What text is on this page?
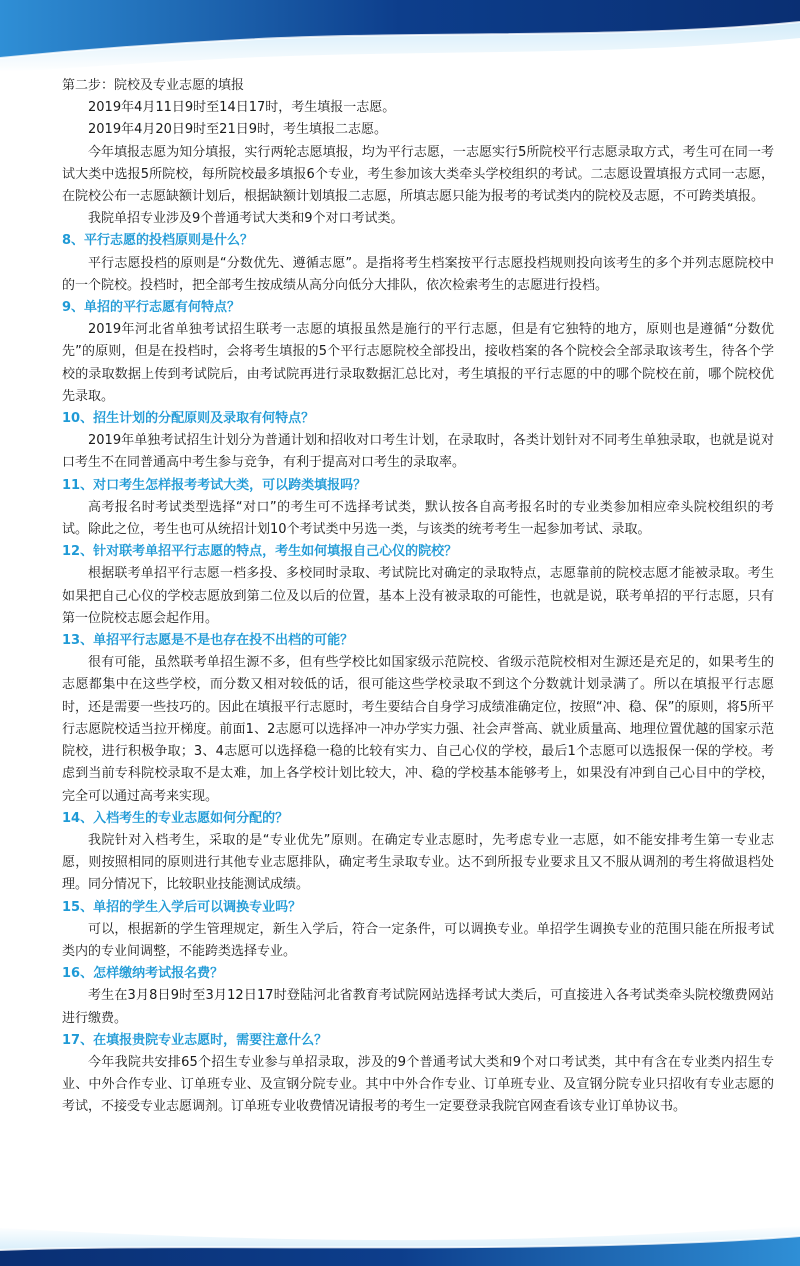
第二步：院校及专业志愿的填报

2019年4月11日9时至14日17时，考生填报一志愿。

2019年4月20日9时至21日9时，考生填报二志愿。

今年填报志愿为知分填报，实行两轮志愿填报，均为平行志愿，一志愿实行5所院校平行志愿录取方式，考生可在同一考试大类中选报5所院校，每所院校最多填报6个专业，考生参加该大类牵头学校组织的考试。二志愿设置填报方式同一志愿，在院校公布一志愿缺额计划后，根据缺额计划填报二志愿，所填志愿只能为报考的考试类内的院校及志愿，不可跨类填报。

我院单招专业涉及9个普通考试大类和9个对口考试类。

8、平行志愿的投档原则是什么？

平行志愿投档的原则是“分数优先、遵循志愿”。是指将考生档案按平行志愿投档规则投向该考生的多个并列志愿院校中的一个院校。投档时，把全部考生按成绩从高分向低分大排队，依次检索考生的志愿进行投档。

9、单招的平行志愿有何特点？

2019年河北省单独考试招生联考一志愿的填报虽然是施行的平行志愿，但是有它独特的地方，原则也是遵循“分数优先”的原则，但是在投档时，会将考生填报的5个平行志愿院校全部投出，接收档案的各个院校会全部录取该考生，待各个学校的录取数据上传到考试院后，由考试院再进行录取数据汇总比对，考生填报的平行志愿的中的哪个院校在前，哪个院校优先录取。

10、招生计划的分配原则及录取有何特点？

2019年单独考试招生计划分为普通计划和招收对口考生计划，在录取时，各类计划针对不同考生单独录取，也就是说对口考生不在同普通高中考生参与竞争，有利于提高对口考生的录取率。

11、对口考生怎样报考考试大类，可以跨类填报吗？

高考报名时考试类型选择“对口”的考生可不选择考试类，默认按各自高考报名时的专业类参加相应牵头院校组织的考试。除此之位，考生也可从统招计划10个考试类中另选一类，与该类的统考考生一起参加考试、录取。

12、针对联考单招平行志愿的特点，考生如何填报自己心仪的院校？

根据联考单招平行志愿一档多投、多校同时录取、考试院比对确定的录取特点，志愿靠前的院校志愿才能被录取。考生如果把自己心仪的学校志愿放到第二位及以后的位置，基本上没有被录取的可能性，也就是说，联考单招的平行志愿，只有第一位院校志愿会起作用。

13、单招平行志愿是不是也存在投不出档的可能？

很有可能，虽然联考单招生源不多，但有些学校比如国家级示范院校、省级示范院校相对生源还是充足的，如果考生的志愿都集中在这些学校，而分数又相对较低的话，很可能这些学校录取不到这个分数就计划录满了。所以在填报平行志愿时，还是需要一些技巧的。因此在填报平行志愿时，考生要结合自身学习成绩准确定位，按照“冲、稳、保”的原则，将5所平行志愿院校适当拉开梯度。前面1、2志愿可以选择冲一冲办学实力强、社会声誉高、就业质量高、地理位置优越的国家示范院校，进行积极争取；3、4志愿可以选择稳一稳的比较有实力、自己心仪的学校，最后1个志愿可以选报保一保的学校。考虑到当前专科院校录取不是太难，加上各学校计划比较大，冲、稳的学校基本能够考上，如果没有冲到自己心目中的学校，完全可以通过高考来实现。

14、入档考生的专业志愿如何分配的？

我院针对入档考生，采取的是“专业优先”原则。在确定专业志愿时，先考虑专业一志愿，如不能安排考生第一专业志愿，则按照相同的原则进行其他专业志愿排队，确定考生录取专业。达不到所报专业要求且又不服从调剂的考生将做退档处理。同分情况下，比较职业技能测试成绩。

15、单招的学生入学后可以调换专业吗？

可以，根据新的学生管理规定，新生入学后，符合一定条件，可以调换专业。单招学生调换专业的范围只能在所报考试类内的专业间调整，不能跨类选择专业。

16、怎样缴纳考试报名费？

考生在3月8日9时至3月12日17时登陆河北省教育考试院网站选择考试大类后，可直接进入各考试类牵头院校缴费网站进行缴费。

17、在填报贵院专业志愿时，需要注意什么？

今年我院共安排65个招生专业参与单招录取，涉及的9个普通考试大类和9个对口考试类，其中有含在专业类内招生专业、中外合作专业、订单班专业、及宣钢分院专业。其中中外合作专业、订单班专业、及宣钢分院专业只招收有专业志愿的考试，不接受专业志愿调剂。订单班专业收费情况请报考的考生一定要登录我院官网查看该专业订单协议书。
